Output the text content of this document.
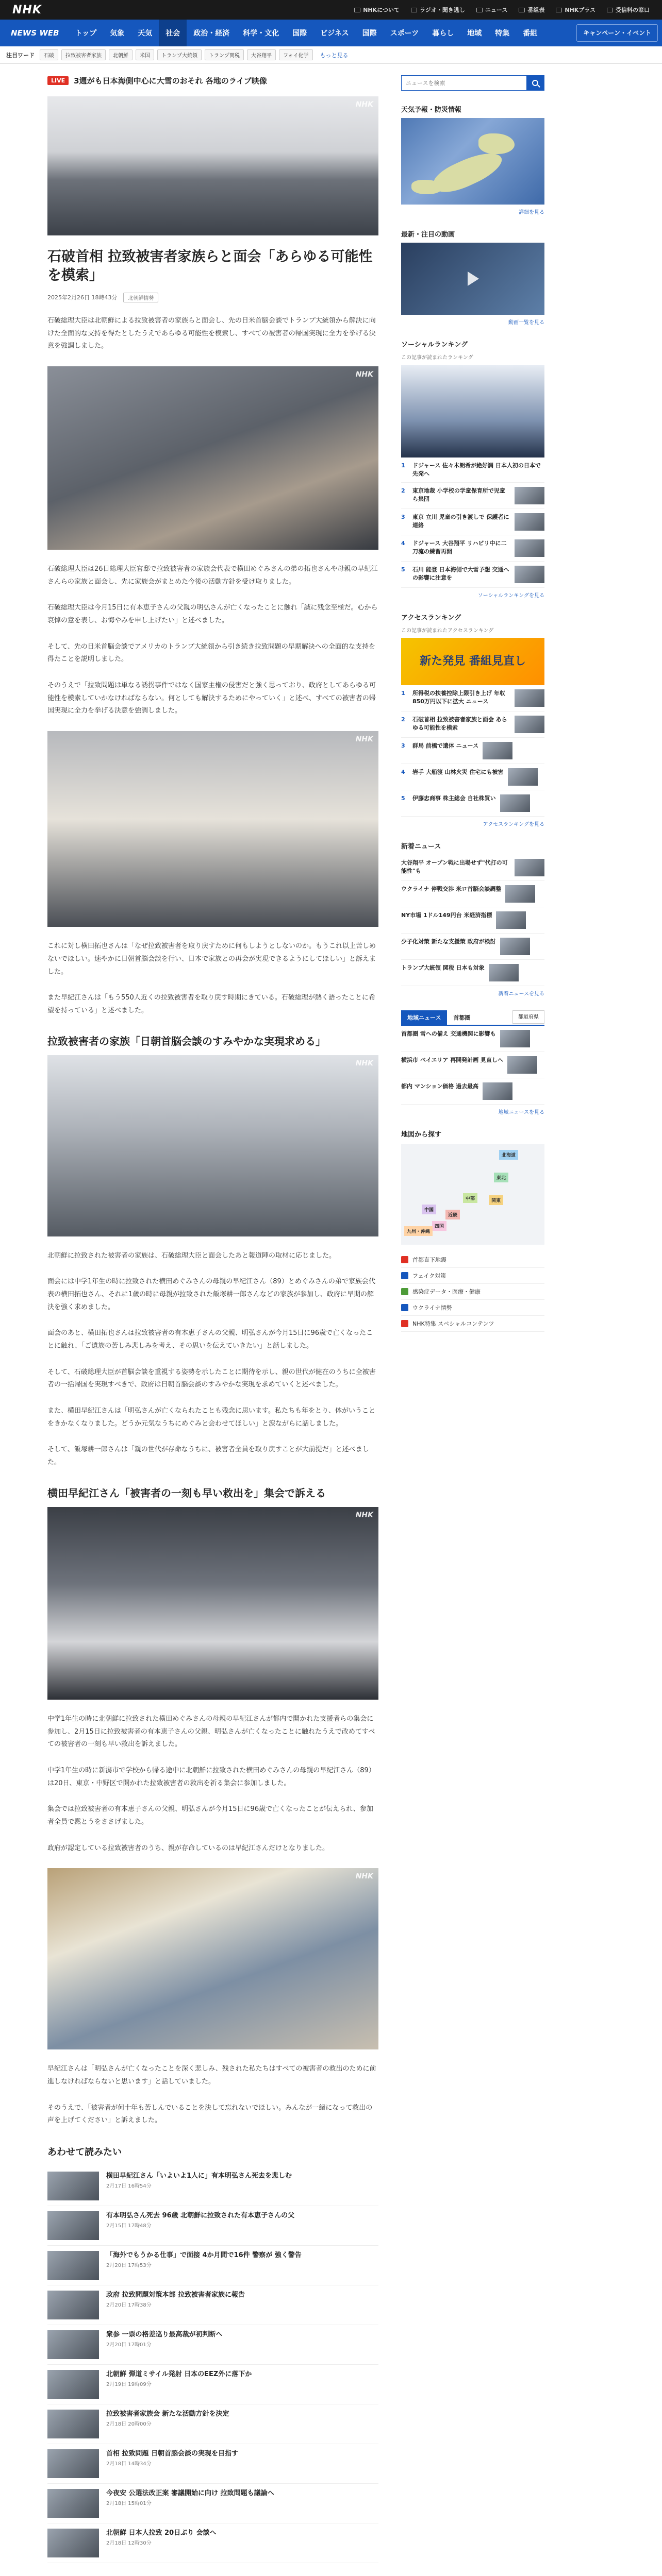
NHK	NHKについて	ラジオ・聞き逃し	ニュース	番組表	NHKプラス	受信料の窓口
NEWS WEB	トップ	気象	天気	社会	政治・経済	科学・文化	国際	ビジネス	国際	スポーツ	暮らし	地域	特集	番組	キャンペーン・イベント
注目ワード	石破	拉致被害者家族	北朝鮮	米国	トランプ大統領	トランプ関税	大谷翔平	フォイ化学	もっと見る
LIVE	3週がも日本海側中心に大雪のおそれ 各地のライブ映像
NHK
石破首相 拉致被害者家族らと面会「あらゆる可能性を模索」
2025年2月26日 18時43分	北朝鮮情勢

石破総理大臣は北朝鮮による拉致被害者の家族らと面会し、先の日米首脳会談でトランプ大統領から解決に向けた全面的な支持を得たとしたうえであらゆる可能性を模索し、すべての被害者の帰国実現に全力を挙げる決意を強調しました。

NHK

石破総理大臣は26日総理大臣官邸で拉致被害者の家族会代表で横田めぐみさんの弟の拓也さんや母親の早紀江さんらの家族と面会し、先に家族会がまとめた今後の活動方針を受け取りました。

石破総理大臣は今月15日に有本恵子さんの父親の明弘さんが亡くなったことに触れ「誠に残念至極だ。心から哀悼の意を表し、お悔やみを申し上げたい」と述べました。

そして、先の日米首脳会談でアメリカのトランプ大統領から引き続き拉致問題の早期解決への全面的な支持を得たことを説明しました。

そのうえで「拉致問題は単なる誘拐事件ではなく国家主権の侵害だと強く思っており、政府としてあらゆる可能性を模索していかなければならない。何としても解決するためにやっていく」と述べ、すべての被害者の帰国実現に全力を挙げる決意を強調しました。

NHK

これに対し横田拓也さんは「なぜ拉致被害者を取り戻すために何もしようとしないのか。もうこれ以上苦しめないでほしい。速やかに日朝首脳会談を行い、日本で家族との再会が実現できるようにしてほしい」と訴えました。

また早紀江さんは「もう550人近くの拉致被害者を取り戻す時期にきている。石破総理が熱く語ったことに希望を持っている」と述べました。

拉致被害者の家族「日朝首脳会談のすみやかな実現求める」
NHK

北朝鮮に拉致された被害者の家族は、石破総理大臣と面会したあと報道陣の取材に応じました。

面会には中学1年生の時に拉致された横田めぐみさんの母親の早紀江さん（89）とめぐみさんの弟で家族会代表の横田拓也さん、それに1歳の時に母親が拉致された飯塚耕一郎さんなどの家族が参加し、政府に早期の解決を強く求めました。

面会のあと、横田拓也さんは拉致被害者の有本恵子さんの父親、明弘さんが今月15日に96歳で亡くなったことに触れ、「ご遺族の苦しみ悲しみを考え、その思いを伝えていきたい」と話しました。

そして、石破総理大臣が首脳会談を重視する姿勢を示したことに期待を示し、親の世代が健在のうちに全被害者の一括帰国を実現すべきで、政府は日朝首脳会談のすみやかな実現を求めていくと述べました。

また、横田早紀江さんは「明弘さんが亡くなられたことも残念に思います。私たちも年をとり、体がいうことをきかなくなりました。どうか元気なうちにめぐみと会わせてほしい」と涙ながらに話しました。

そして、飯塚耕一郎さんは「親の世代が存命なうちに、被害者全員を取り戻すことが大前提だ」と述べました。

横田早紀江さん「被害者の一刻も早い救出を」集会で訴える
NHK

中学1年生の時に北朝鮮に拉致された横田めぐみさんの母親の早紀江さんが都内で開かれた支援者らの集会に参加し、2月15日に拉致被害者の有本恵子さんの父親、明弘さんが亡くなったことに触れたうえで改めてすべての被害者の一刻も早い救出を訴えました。

中学1年生の時に新潟市で学校から帰る途中に北朝鮮に拉致された横田めぐみさんの母親の早紀江さん（89）は20日、東京・中野区で開かれた拉致被害者の救出を祈る集会に参加しました。

集会では拉致被害者の有本恵子さんの父親、明弘さんが今月15日に96歳で亡くなったことが伝えられ、参加者全員で黙とうをささげました。

政府が認定している拉致被害者のうち、親が存命しているのは早紀江さんだけとなりました。

NHK

早紀江さんは「明弘さんが亡くなったことを深く悲しみ、残された私たちはすべての被害者の救出のために前進しなければならないと思います」と話していました。

そのうえで、「被害者が何十年も苦しんでいることを決して忘れないでほしい。みんなが一緒になって救出の声を上げてください」と訴えました。

あわせて読みたい
横田早紀江さん「いよいよ1人に」有本明弘さん死去を悲しむ
2月17日 16時54分
有本明弘さん死去 96歳 北朝鮮に拉致された有本恵子さんの父
2月15日 17時48分
「海外でもうかる仕事」で面接 4か月間で16件 警察が 強く警告
2月20日 17時53分
政府 拉致問題対策本部 拉致被害者家族に報告
2月20日 17時38分
衆参 一票の格差巡り最高裁が初判断へ
2月20日 17時01分
北朝鮮 弾道ミサイル発射 日本のEEZ外に落下か
2月19日 19時09分
拉致被害者家族会 新たな活動方針を決定
2月18日 20時00分
首相 拉致問題 日朝首脳会談の実現を目指す
2月18日 14時34分
今夜安 公選法改正案 審議開始に向け 拉致問題も議論へ
2月18日 15時01分
北朝鮮 日本人拉致 20日ぶり 会談へ
2月18日 12時30分
ニュースを検索
天気予報・防災情報
詳細を見る
最新・注目の動画
動画一覧を見る
ソーシャルランキング
この記事が読まれたランキング
1	ドジャース 佐々木朗希が絶好調 日本人初の日本で先発へ
2	東京地裁 小学校の学童保育所で児童ら集団
3	東京 立川 児童の引き渡しで 保護者に連絡
4	ドジャース 大谷翔平 リハビリ中に二刀流の練習再開
5	石川 能登 日本海側で大雪予想 交通への影響に注意を
ソーシャルランキングを見る
アクセスランキング
この記事が読まれたアクセスランキング
新た発見 番組見直し
1	所得税の扶養控除上限引き上げ 年収850万円以下に拡大 ニュース
2	石破首相 拉致被害者家族と面会 あらゆる可能性を模索
3	群馬 前橋で遺体 ニュース
4	岩手 大船渡 山林火災 住宅にも被害
5	伊藤忠商事 株主総会 自社株買い
アクセスランキングを見る
新着ニュース
大谷翔平 オープン戦に出場せず"代打の可能性"も
ウクライナ 停戦交渉 米ロ首脳会談調整
NY市場 1ドル149円台 米経済指標
少子化対策 新たな支援策 政府が検討
トランプ大統領 関税 日本も対象
新着ニュースを見る
地域ニュース	首都圏	都道府県
首都圏 雪への備え 交通機関に影響も
横浜市 ベイエリア 再開発計画 見直しへ
都内 マンション価格 過去最高
地域ニュースを見る
地図から探す
北海道
東北
関東
中部
近畿
中国
四国
九州・沖縄
首都直下地震
フェイク対策
感染症データ・医療・健康
ウクライナ情勢
NHK特集 スペシャルコンテンツ
